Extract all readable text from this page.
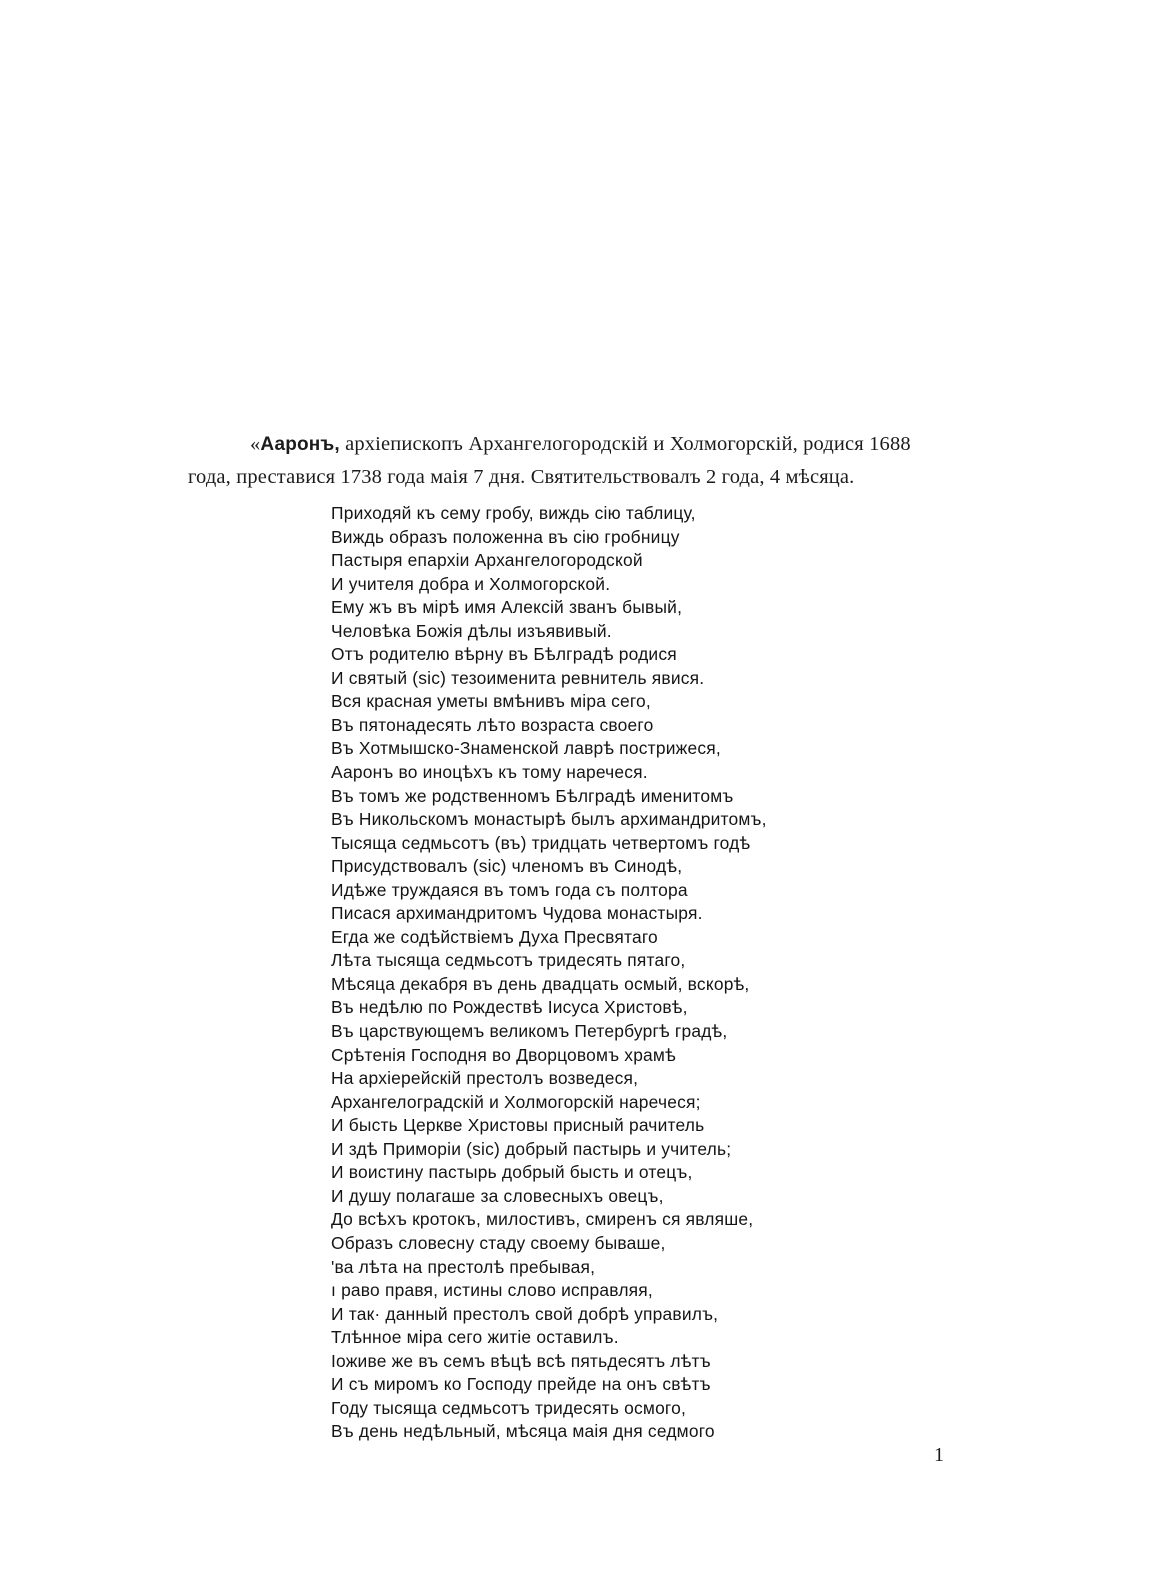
«Ааронъ, архіепископъ Архангелогородскій и Холмогорскій, родися 1688
года, преставися 1738 года маія 7 дня. Святительствовалъ 2 года, 4 мѣсяца.
Приходяй къ сему гробу, виждь сію таблицу,
Виждь образъ положенна въ сію гробницу
Пастыря епархіи Архангелогородской
И учителя добра и Холмогорской.
Ему жъ въ мірѣ имя Алексій званъ бывый,
Человѣка Божія дѣлы изъявивый.
Отъ родителю вѣрну въ Бѣлградѣ родися
И святый (sic) тезоименита ревнитель явися.
Вся красная уметы вмѣнивъ міра сего,
Въ пятонадесять лѣто возраста своего
Въ Хотмышско-Знаменской лаврѣ пострижеся,
Ааронъ во иноцѣхъ къ тому наречеся.
Въ томъ же родственномъ Бѣлградѣ именитомъ
Въ Никольскомъ монастырѣ былъ архимандритомъ,
Тысяща седмьсотъ (въ) тридцать четвертомъ годѣ
Присудствовалъ (sic) членомъ въ Синодѣ,
Идѣже труждаяся въ томъ года съ полтора
Писася архимандритомъ Чудова монастыря.
Егда же содѣйствіемъ Духа Пресвятаго
Лѣта тысяща седмьсотъ тридесять пятаго,
Мѣсяца декабря въ день двадцать осмый, вскорѣ,
Въ недѣлю по Рождествѣ Іисуса Христовѣ,
Въ царствующемъ великомъ Петербургѣ градѣ,
Срѣтенія Господня во Дворцовомъ храмѣ
На архіерейскій престолъ возведеся,
Архангелоградскій и Холмогорскій наречеся;
И бысть Церкве Христовы присный рачитель
И здѣ Приморіи (sic) добрый пастырь и учитель;
И воистину пастырь добрый бысть и отецъ,
И душу полагаше за словесныхъ овецъ,
До всѣхъ кротокъ, милостивъ, смиренъ ся являше,
Образъ словесну стаду своему бываше,
'ва лѣта на престолѣ пребывая,
ı раво правя, истины слово исправляя,
И так· данный престолъ свой добрѣ управилъ,
Тлѣнное міра сего житіе оставилъ.
Іоживе же въ семъ вѣцѣ всѣ пятьдесятъ лѣтъ
И съ миромъ ко Господу прейде на онъ свѣтъ
Году тысяща седмьсотъ тридесять осмого,
Въ день недѣльный, мѣсяца маія дня седмого
1
